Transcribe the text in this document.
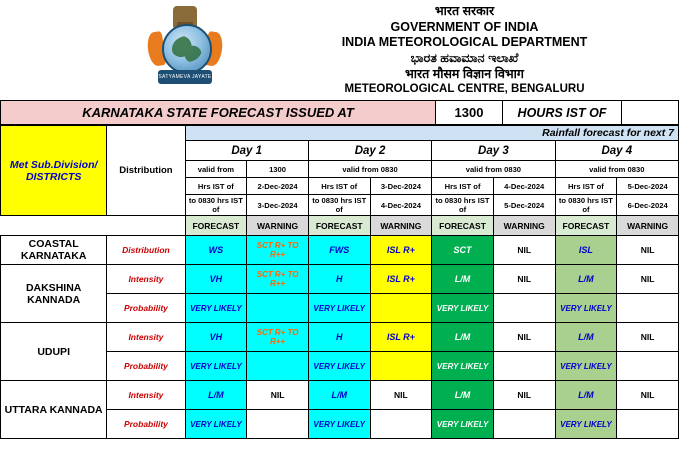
SATYAMEVA JAYATE
भारत सरकार
GOVERNMENT OF INDIA
INDIA METEOROLOGICAL DEPARTMENT
ಭಾರತ ಹವಾಮಾನ ಇಲಾಖೆ
भारत मौसम विज्ञान विभाग
METEOROLOGICAL CENTRE, BENGALURU
KARNATAKA STATE FORECAST ISSUED AT	1300	HOURS IST OF
Met Sub.Division/ DISTRICTS	Distribution	Rainfall forecast for next 7							
		Day 1		Day 2		Day 3		Day 4	
		valid from	1300	valid from 0830		valid from 0830		valid from 0830	
		Hrs IST of	2-Dec-2024	Hrs IST of	3-Dec-2024	Hrs IST of	4-Dec-2024	Hrs IST of	5-Dec-2024
		to 0830 hrs IST of	3-Dec-2024	to 0830 hrs IST of	4-Dec-2024	to 0830 hrs IST of	5-Dec-2024	to 0830 hrs IST of	6-Dec-2024
		FORECAST	WARNING	FORECAST	WARNING	FORECAST	WARNING	FORECAST	WARNING
COASTAL KARNATAKA	Distribution	WS	SCT R+ TO R++	FWS	ISL R+	SCT	NIL	ISL	NIL
DAKSHINA KANNADA	Intensity	VH	SCT R+ TO R++	H	ISL R+	L/M	NIL	L/M	NIL
	Probability	VERY LIKELY		VERY LIKELY		VERY LIKELY		VERY LIKELY	
UDUPI	Intensity	VH	SCT R+ TO R++	H	ISL R+	L/M	NIL	L/M	NIL
	Probability	VERY LIKELY		VERY LIKELY		VERY LIKELY		VERY LIKELY	
UTTARA KANNADA	Intensity	L/M	NIL	L/M	NIL	L/M	NIL	L/M	NIL
	Probability	VERY LIKELY		VERY LIKELY		VERY LIKELY		VERY LIKELY	
